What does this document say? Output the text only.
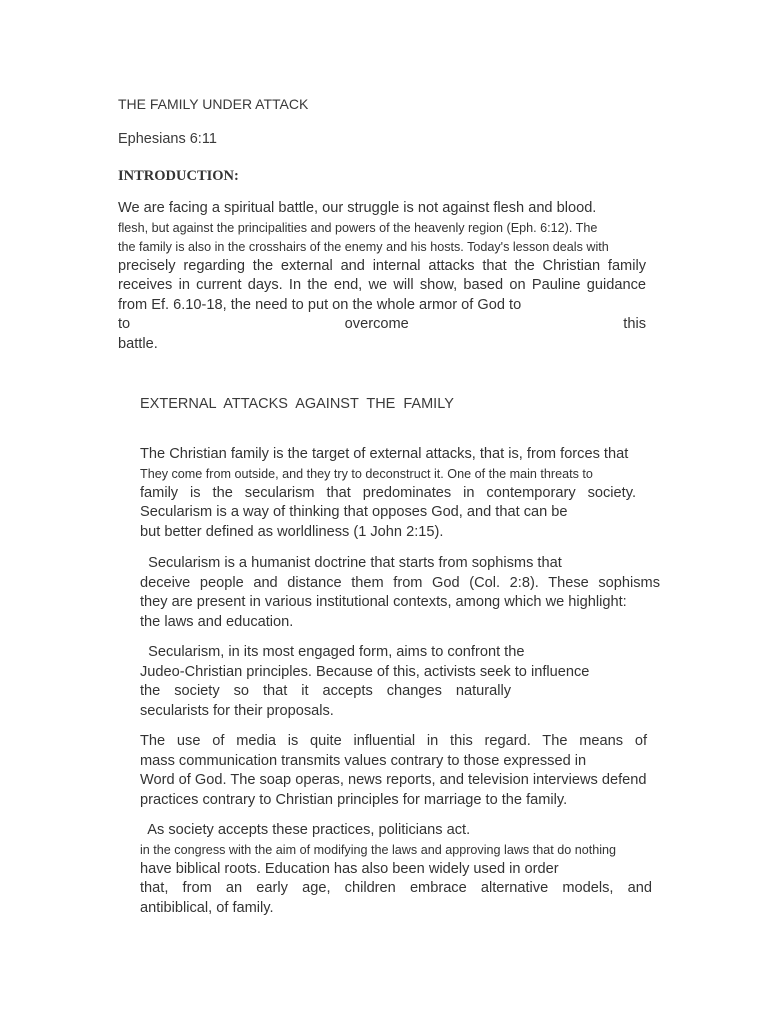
THE FAMILY UNDER ATTACK
Ephesians 6:11
INTRODUCTION:
We are facing a spiritual battle, our struggle is not against flesh and blood.
flesh, but against the principalities and powers of the heavenly region (Eph. 6:12). The
the family is also in the crosshairs of the enemy and his hosts. Today's lesson deals with
precisely regarding the external and internal attacks that the Christian family
receives in current days. In the end, we will show, based on Pauline guidance
from Ef. 6.10-18, the need to put on the whole armor of God to
to overcome this battle.
EXTERNAL ATTACKS AGAINST THE FAMILY
The Christian family is the target of external attacks, that is, from forces that
They come from outside, and they try to deconstruct it. One of the main threats to
family is the secularism that predominates in contemporary society.
Secularism is a way of thinking that opposes God, and that can be
but better defined as worldliness (1 John 2:15).
Secularism is a humanist doctrine that starts from sophisms that
deceive people and distance them from God (Col. 2:8). These sophisms
they are present in various institutional contexts, among which we highlight:
the laws and education.
Secularism, in its most engaged form, aims to confront the
Judeo-Christian principles. Because of this, activists seek to influence
the society so that it accepts changes naturally
secularists for their proposals.
The use of media is quite influential in this regard. The means of
mass communication transmits values contrary to those expressed in
Word of God. The soap operas, news reports, and television interviews defend
practices contrary to Christian principles for marriage to the family.
As society accepts these practices, politicians act.
in the congress with the aim of modifying the laws and approving laws that do nothing
have biblical roots. Education has also been widely used in order
that, from an early age, children embrace alternative models, and
antibiblical, of family.
